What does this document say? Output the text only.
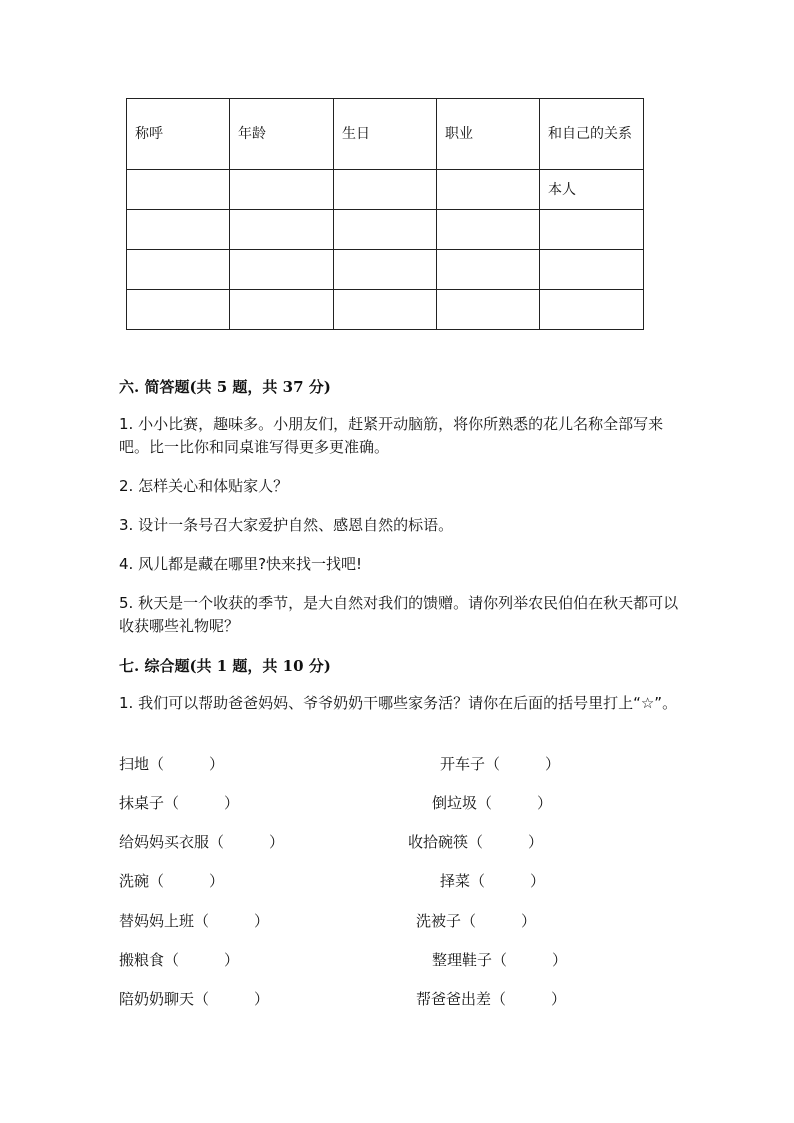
称呼	年龄	生日	职业	和自己的关系
				本人

六. 简答题(共 5 题，共 37 分)
1. 小小比赛，趣味多。小朋友们，赶紧开动脑筋，将你所熟悉的花儿名称全部写来吧。比一比你和同桌谁写得更多更准确。
2. 怎样关心和体贴家人？
3. 设计一条号召大家爱护自然、感恩自然的标语。
4. 风儿都是藏在哪里?快来找一找吧!
5. 秋天是一个收获的季节，是大自然对我们的馈赠。请你列举农民伯伯在秋天都可以收获哪些礼物呢？
七. 综合题(共 1 题，共 10 分)
1. 我们可以帮助爸爸妈妈、爷爷奶奶干哪些家务活？请你在后面的括号里打上“☆”。
扫地（　　　）
抹桌子（　　　）
给妈妈买衣服（　　　）
洗碗（　　　）
替妈妈上班（　　　）
搬粮食（　　　）
陪奶奶聊天（　　　）
开车子（　　　）
倒垃圾（　　　）
收拾碗筷（　　　）
择菜（　　　）
洗被子（　　　）
整理鞋子（　　　）
帮爸爸出差（　　　）
